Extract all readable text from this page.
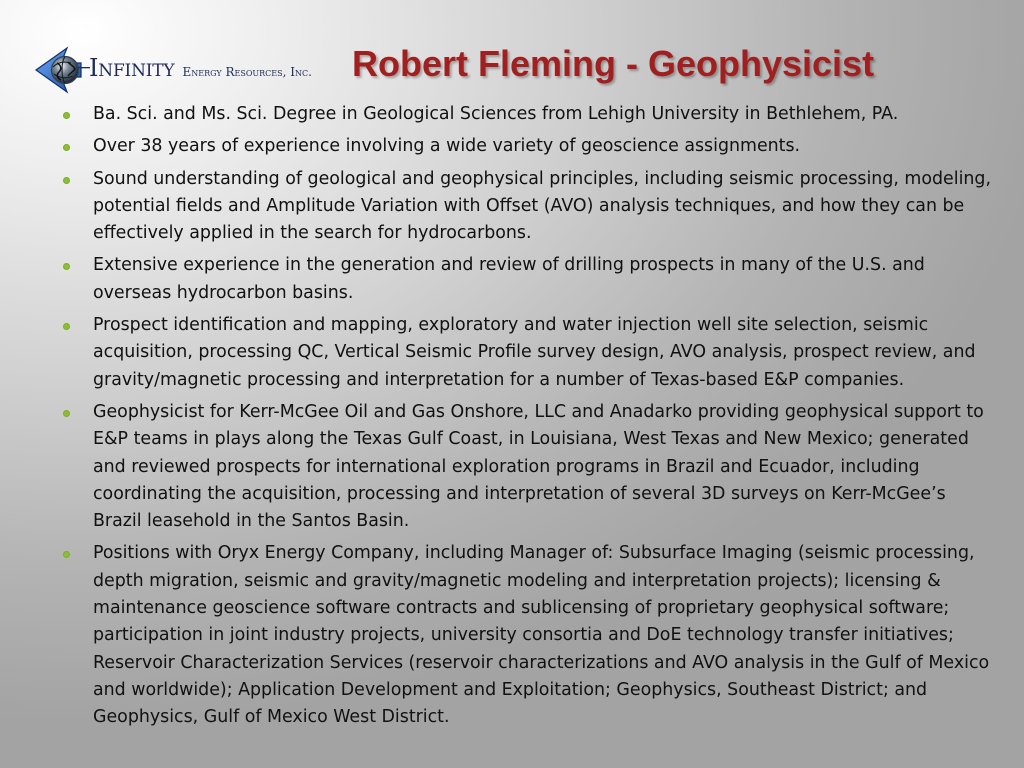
Infinity Energy Resources, Inc. Robert Fleming - Geophysicist
Ba. Sci. and Ms. Sci. Degree in Geological Sciences from Lehigh University in Bethlehem, PA.
Over 38 years of experience involving a wide variety of geoscience assignments.
Sound understanding of geological and geophysical principles, including seismic processing, modeling, potential fields and Amplitude Variation with Offset (AVO) analysis techniques, and how they can be effectively applied in the search for hydrocarbons.
Extensive experience in the generation and review of drilling prospects in many of the U.S. and overseas hydrocarbon basins.
Prospect identification and mapping, exploratory and water injection well site selection, seismic acquisition, processing QC, Vertical Seismic Profile survey design, AVO analysis, prospect review, and gravity/magnetic processing and interpretation for a number of Texas-based E&P companies.
Geophysicist for Kerr-McGee Oil and Gas Onshore, LLC and Anadarko providing geophysical support to E&P teams in plays along the Texas Gulf Coast, in Louisiana, West Texas and New Mexico; generated and reviewed prospects for international exploration programs in Brazil and Ecuador, including coordinating the acquisition, processing and interpretation of several 3D surveys on Kerr-McGee’s Brazil leasehold in the Santos Basin.
Positions with Oryx Energy Company, including Manager of: Subsurface Imaging (seismic processing, depth migration, seismic and gravity/magnetic modeling and interpretation projects); licensing & maintenance geoscience software contracts and sublicensing of proprietary geophysical software; participation in joint industry projects, university consortia and DoE technology transfer initiatives; Reservoir Characterization Services (reservoir characterizations and AVO analysis in the Gulf of Mexico and worldwide); Application Development and Exploitation; Geophysics, Southeast District; and Geophysics, Gulf of Mexico West District.
